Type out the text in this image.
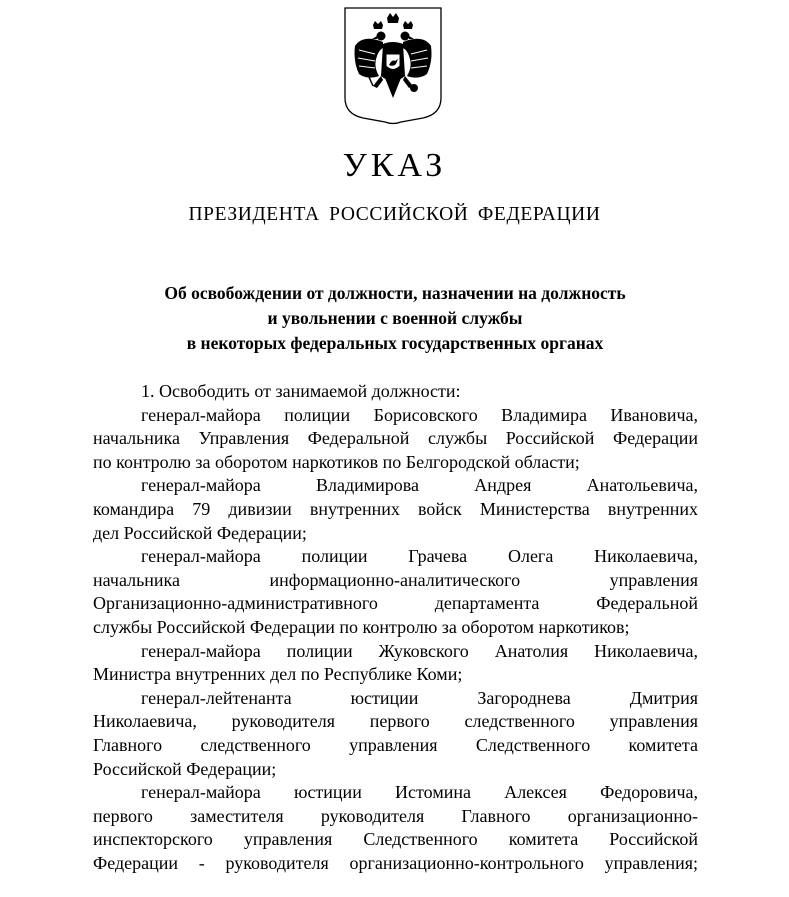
УКАЗ
ПРЕЗИДЕНТА РОССИЙСКОЙ ФЕДЕРАЦИИ
Об освобождении от должности, назначении на должность
и увольнении с военной службы
в некоторых федеральных государственных органах
1. Освободить от занимаемой должности:
генерал-майора полиции Борисовского Владимира Ивановича,
начальника Управления Федеральной службы Российской Федерации
по контролю за оборотом наркотиков по Белгородской области;
генерал-майора Владимирова Андрея Анатольевича,
командира 79 дивизии внутренних войск Министерства внутренних
дел Российской Федерации;
генерал-майора полиции Грачева Олега Николаевича,
начальника информационно-аналитического управления
Организационно-административного департамента Федеральной
службы Российской Федерации по контролю за оборотом наркотиков;
генерал-майора полиции Жуковского Анатолия Николаевича,
Министра внутренних дел по Республике Коми;
генерал-лейтенанта юстиции Загороднева Дмитрия
Николаевича, руководителя первого следственного управления
Главного следственного управления Следственного комитета
Российской Федерации;
генерал-майора юстиции Истомина Алексея Федоровича,
первого заместителя руководителя Главного организационно-
инспекторского управления Следственного комитета Российской
Федерации - руководителя организационно-контрольного управления;
